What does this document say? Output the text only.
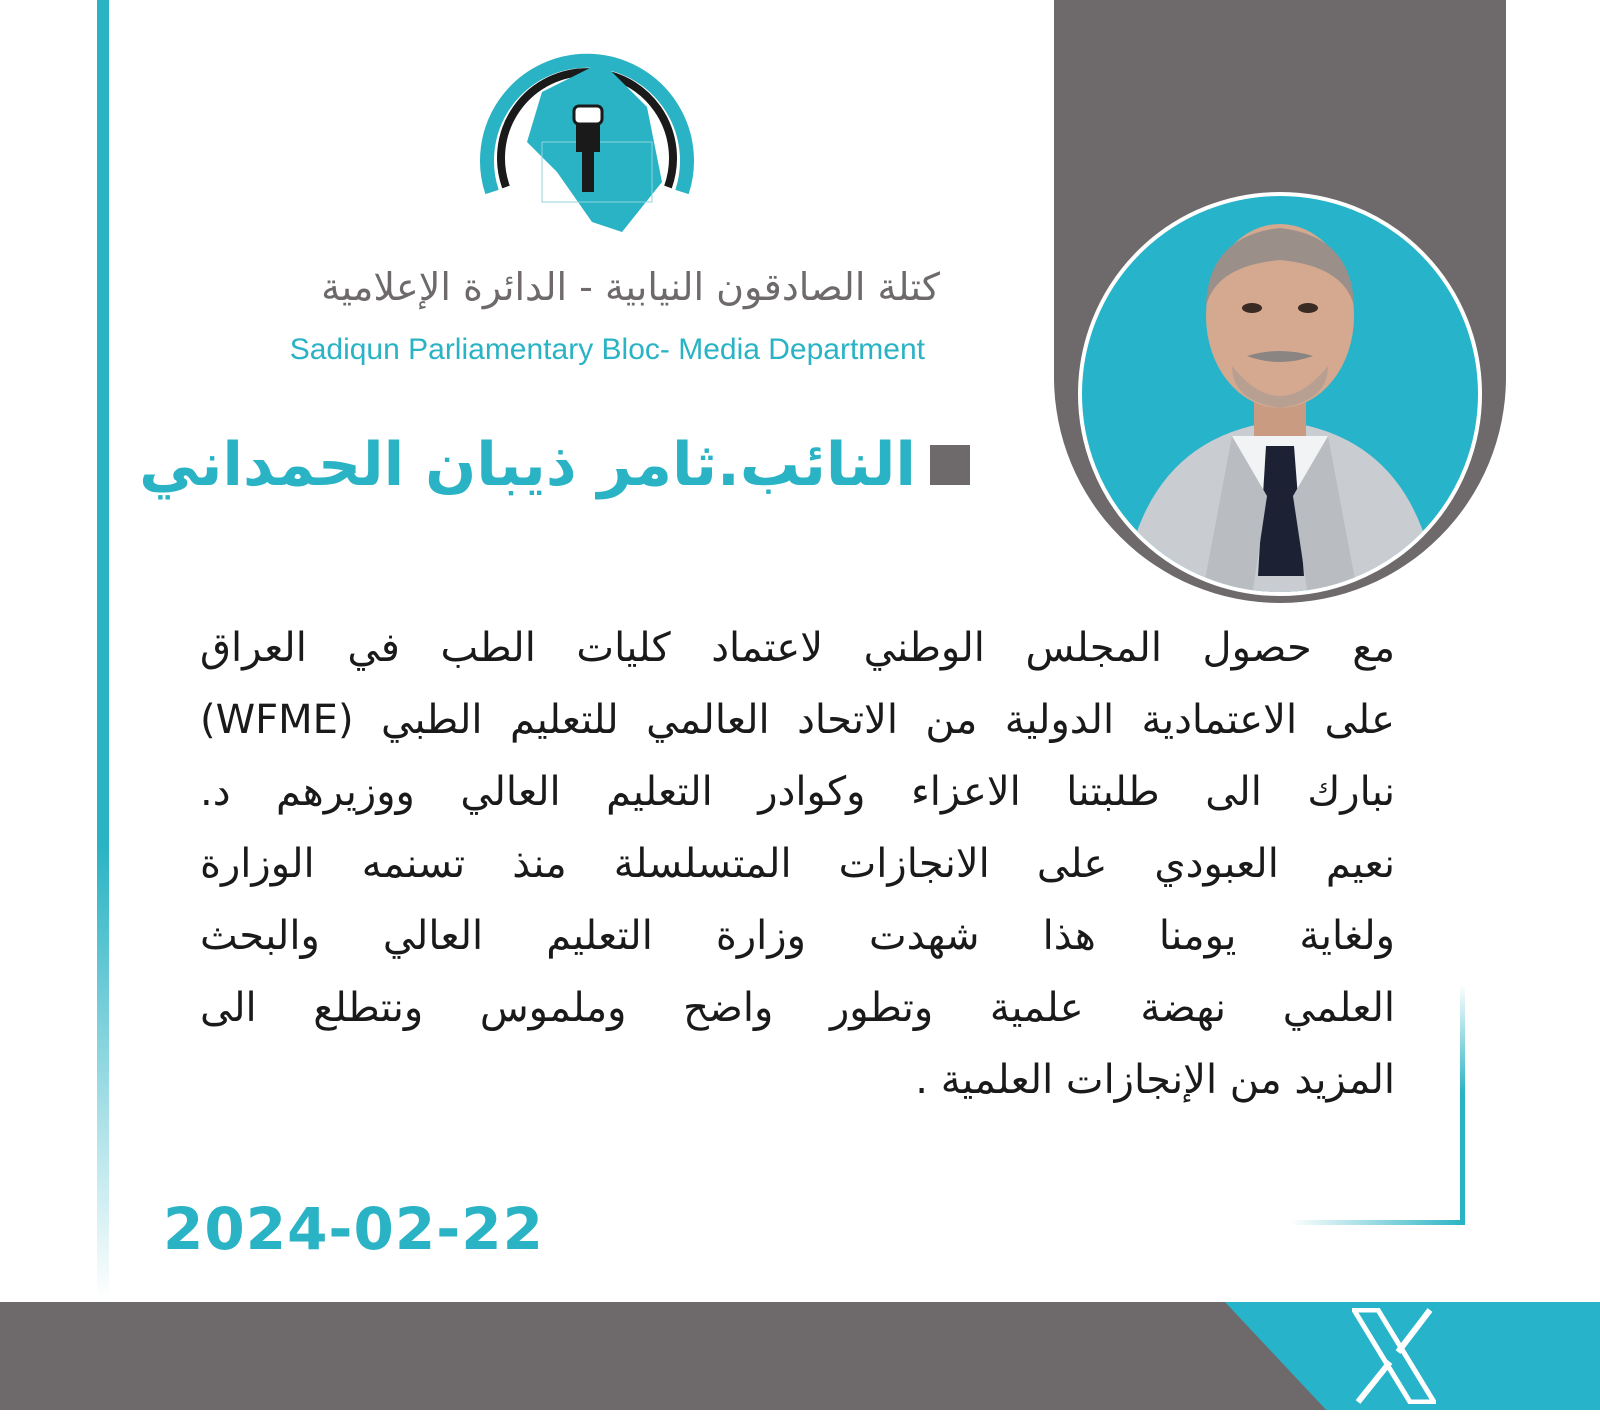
كتلة الصادقون النيابية - الدائرة الإعلامية
Sadiqun Parliamentary Bloc- Media Department
النائب.ثامر ذيبان الحمداني
مع حصول المجلس الوطني لاعتماد كليات الطب في العراق
على الاعتمادية الدولية من الاتحاد العالمي للتعليم الطبي (WFME)
نبارك الى طلبتنا الاعزاء وكوادر التعليم العالي ووزيرهم د.
نعيم العبودي على الانجازات المتسلسلة منذ تسنمه الوزارة
ولغاية يومنا هذا شهدت وزارة التعليم العالي والبحث
العلمي نهضة علمية وتطور واضح وملموس ونتطلع الى
المزيد من الإنجازات العلمية .
2024-02-22
